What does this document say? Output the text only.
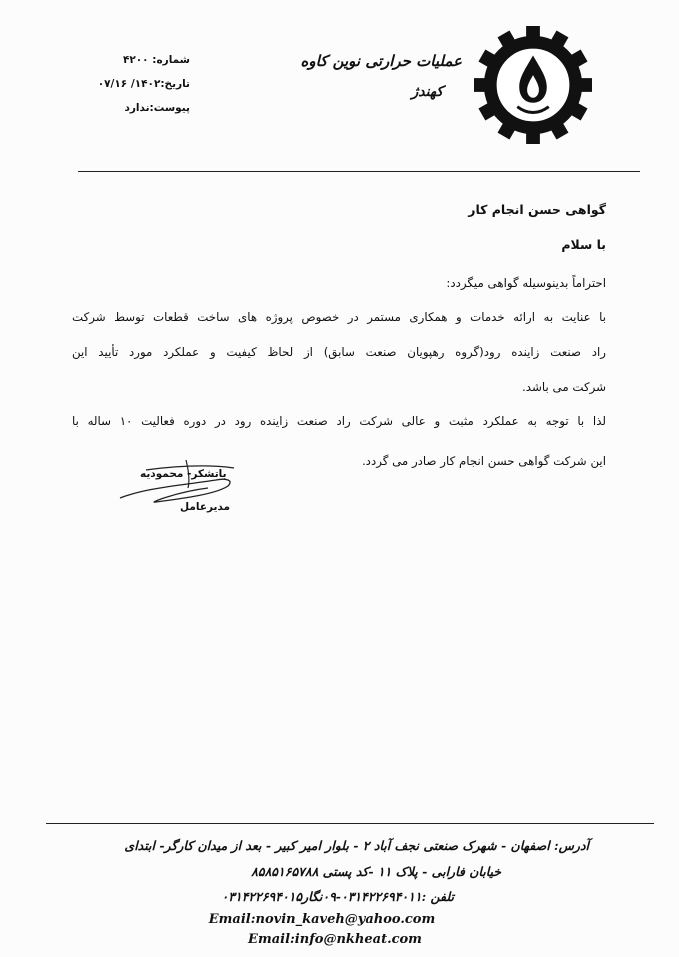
عملیات حرارتی نوین کاوه
کهندژ
شماره: ۴۲۰۰
تاریخ:۱۴۰۲/ ۰۷/۱۶
پیوست:ندارد
گواهی حسن انجام کار
با سلام
احتراماً بدینوسیله گواهی میگردد:
با عنایت به ارائه خدمات و همکاری مستمر در خصوص پروژه های ساخت قطعات توسط شرکت
راد صنعت زاینده رود(گروه رهپویان صنعت سابق) از لحاظ کیفیت و عملکرد مورد تأیید این
شرکت می باشد.
لذا با توجه به عملکرد مثبت و عالی شرکت راد صنعت زاینده رود در دوره فعالیت ۱۰ ساله با
این شرکت گواهی حسن انجام کار صادر می گردد.
باتشکر- محمودیه
مدیرعامل
آدرس: اصفهان - شهرک صنعتی نجف آباد ۲ - بلوار امیر کبیر - بعد از میدان کارگر- ابتدای
خیابان فارابی - پلاک ۱۱ -کد پستی ۸۵۸۵۱۶۵۷۸۸
تلفن :۰۳۱۴۲۲۶۹۴۰۱۱-۰۹نگار۰۳۱۴۲۲۶۹۴۰۱۵
Email:novin_kaveh@yahoo.com
Email:info@nkheat.com
